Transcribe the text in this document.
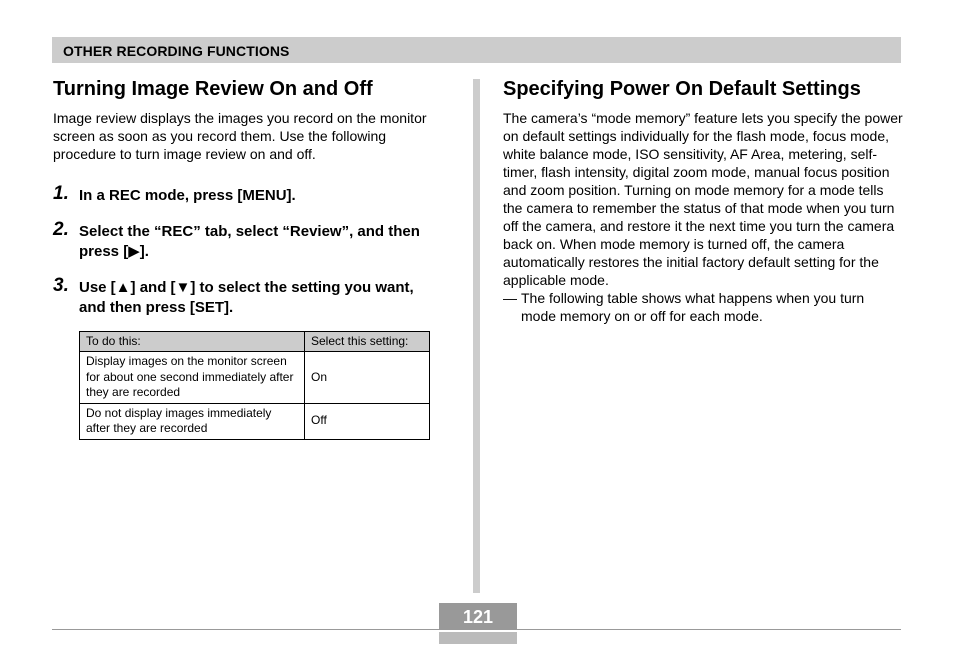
OTHER RECORDING FUNCTIONS
Turning Image Review On and Off

Image review displays the images you record on the monitor screen as soon as you record them. Use the following procedure to turn image review on and off.

1. In a REC mode, press [MENU].
2. Select the “REC” tab, select “Review”, and then press [▶].
3. Use [▲] and [▼] to select the setting you want, and then press [SET].
To do this:	Select this setting:
Display images on the monitor screen for about one second immediately after they are recorded	On
Do not display images immediately after they are recorded	Off
Specifying Power On Default Settings

The camera’s “mode memory” feature lets you specify the power on default settings individually for the flash mode, focus mode, white balance mode, ISO sensitivity, AF Area, metering, self-timer, flash intensity, digital zoom mode, manual focus position and zoom position. Turning on mode memory for a mode tells the camera to remember the status of that mode when you turn off the camera, and restore it the next time you turn the camera back on. When mode memory is turned off, the camera automatically restores the initial factory default setting for the applicable mode.

— The following table shows what happens when you turn mode memory on or off for each mode.
121
